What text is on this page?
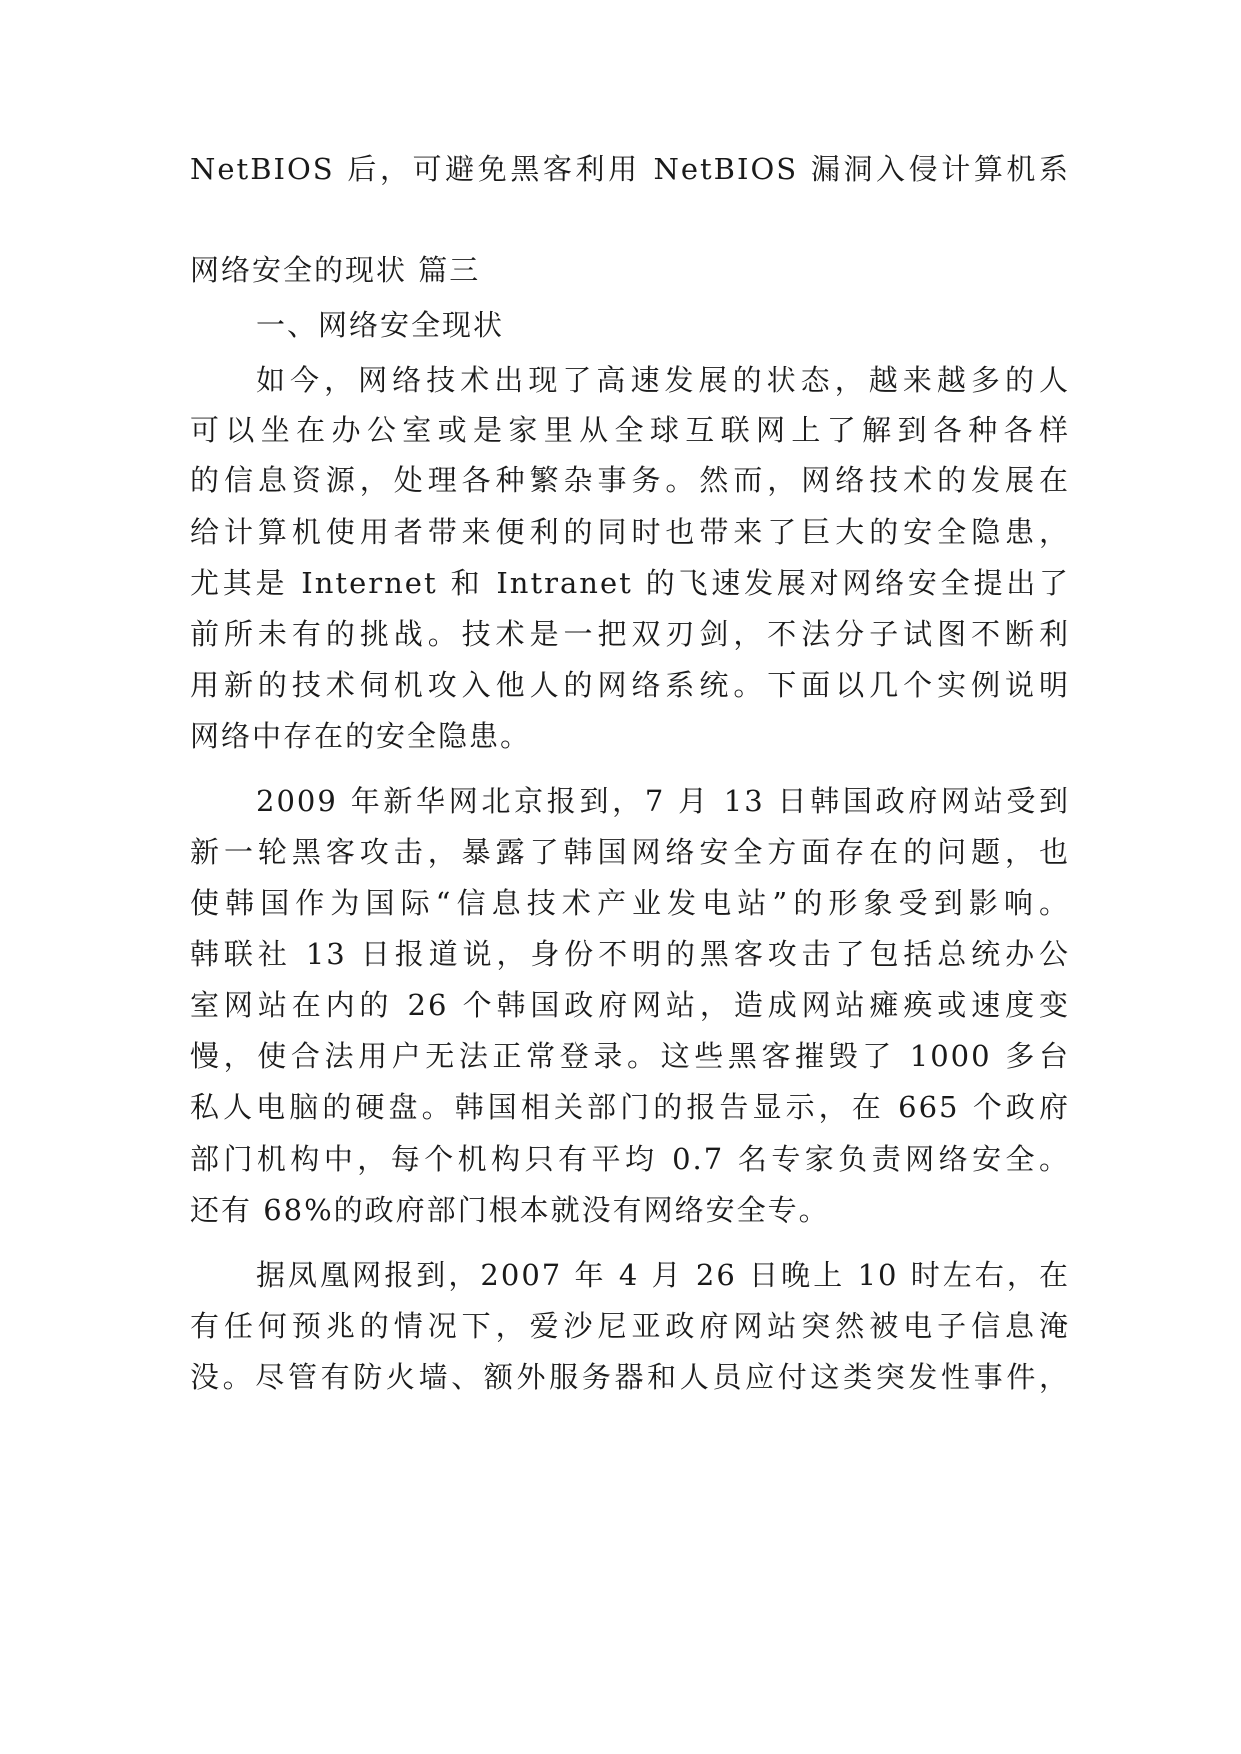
NetBIOS 后，可避免黑客利用 NetBIOS 漏洞入侵计算机系
网络安全的现状 篇三
一、网络安全现状
如今，网络技术出现了高速发展的状态，越来越多的人
可以坐在办公室或是家里从全球互联网上了解到各种各样
的信息资源，处理各种繁杂事务。然而，网络技术的发展在
给计算机使用者带来便利的同时也带来了巨大的安全隐患，
尤其是 Internet 和 Intranet 的飞速发展对网络安全提出了
前所未有的挑战。技术是一把双刃剑，不法分子试图不断利
用新的技术伺机攻入他人的网络系统。下面以几个实例说明
网络中存在的安全隐患。
2009 年新华网北京报到，7 月 13 日韩国政府网站受到
新一轮黑客攻击，暴露了韩国网络安全方面存在的问题，也
使韩国作为国际“信息技术产业发电站”的形象受到影响。
韩联社 13 日报道说，身份不明的黑客攻击了包括总统办公
室网站在内的 26 个韩国政府网站，造成网站瘫痪或速度变
慢，使合法用户无法正常登录。这些黑客摧毁了 1000 多台
私人电脑的硬盘。韩国相关部门的报告显示，在 665 个政府
部门机构中，每个机构只有平均 0.7 名专家负责网络安全。
还有 68%的政府部门根本就没有网络安全专。
据凤凰网报到，2007 年 4 月 26 日晚上 10 时左右，在
有任何预兆的情况下，爱沙尼亚政府网站突然被电子信息淹
没。尽管有防火墙、额外服务器和人员应付这类突发性事件，
